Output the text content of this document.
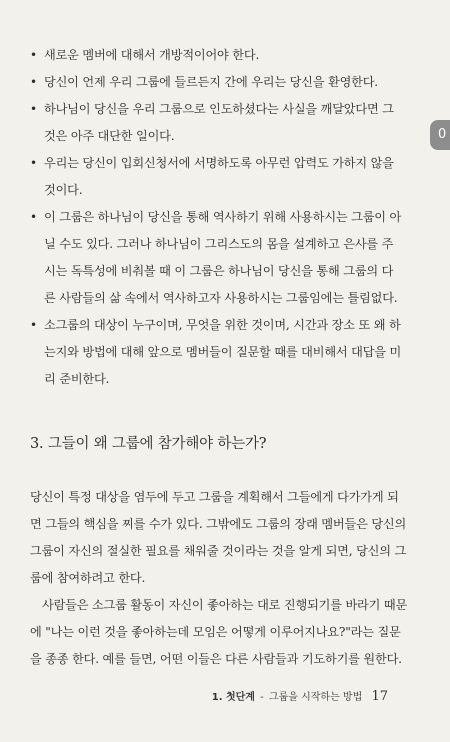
0
• 새로운 멤버에 대해서 개방적이어야 한다.
• 당신이 언제 우리 그룹에 들르든지 간에 우리는 당신을 환영한다.
• 하나님이 당신을 우리 그룹으로 인도하셨다는 사실을 깨달았다면 그
것은 아주 대단한 일이다.
• 우리는 당신이 입회신청서에 서명하도록 아무런 압력도 가하지 않을
것이다.
• 이 그룹은 하나님이 당신을 통해 역사하기 위해 사용하시는 그룹이 아
닐 수도 있다. 그러나 하나님이 그리스도의 몸을 설계하고 은사를 주
시는 독특성에 비춰볼 때 이 그룹은 하나님이 당신을 통해 그룹의 다
른 사람들의 삶 속에서 역사하고자 사용하시는 그룹임에는 틀림없다.
• 소그룹의 대상이 누구이며, 무엇을 위한 것이며, 시간과 장소 또 왜 하
는지와 방법에 대해 앞으로 멤버들이 질문할 때를 대비해서 대답을 미
리 준비한다.
3. 그들이 왜 그룹에 참가해야 하는가?
당신이 특정 대상을 염두에 두고 그룹을 계획해서 그들에게 다가가게 되
면 그들의 핵심을 찌를 수가 있다. 그밖에도 그룹의 장래 멤버들은 당신의
그룹이 자신의 절실한 필요를 채워줄 것이라는 것을 알게 되면, 당신의 그
룹에 참여하려고 한다.
사람들은 소그룹 활동이 자신이 좋아하는 대로 진행되기를 바라기 때문
에 "나는 이런 것을 좋아하는데 모임은 어떻게 이루어지나요?"라는 질문
을 종종 한다. 예를 들면, 어떤 이들은 다른 사람들과 기도하기를 원한다.
1. 첫단계 - 그룹을 시작하는 방법 17
